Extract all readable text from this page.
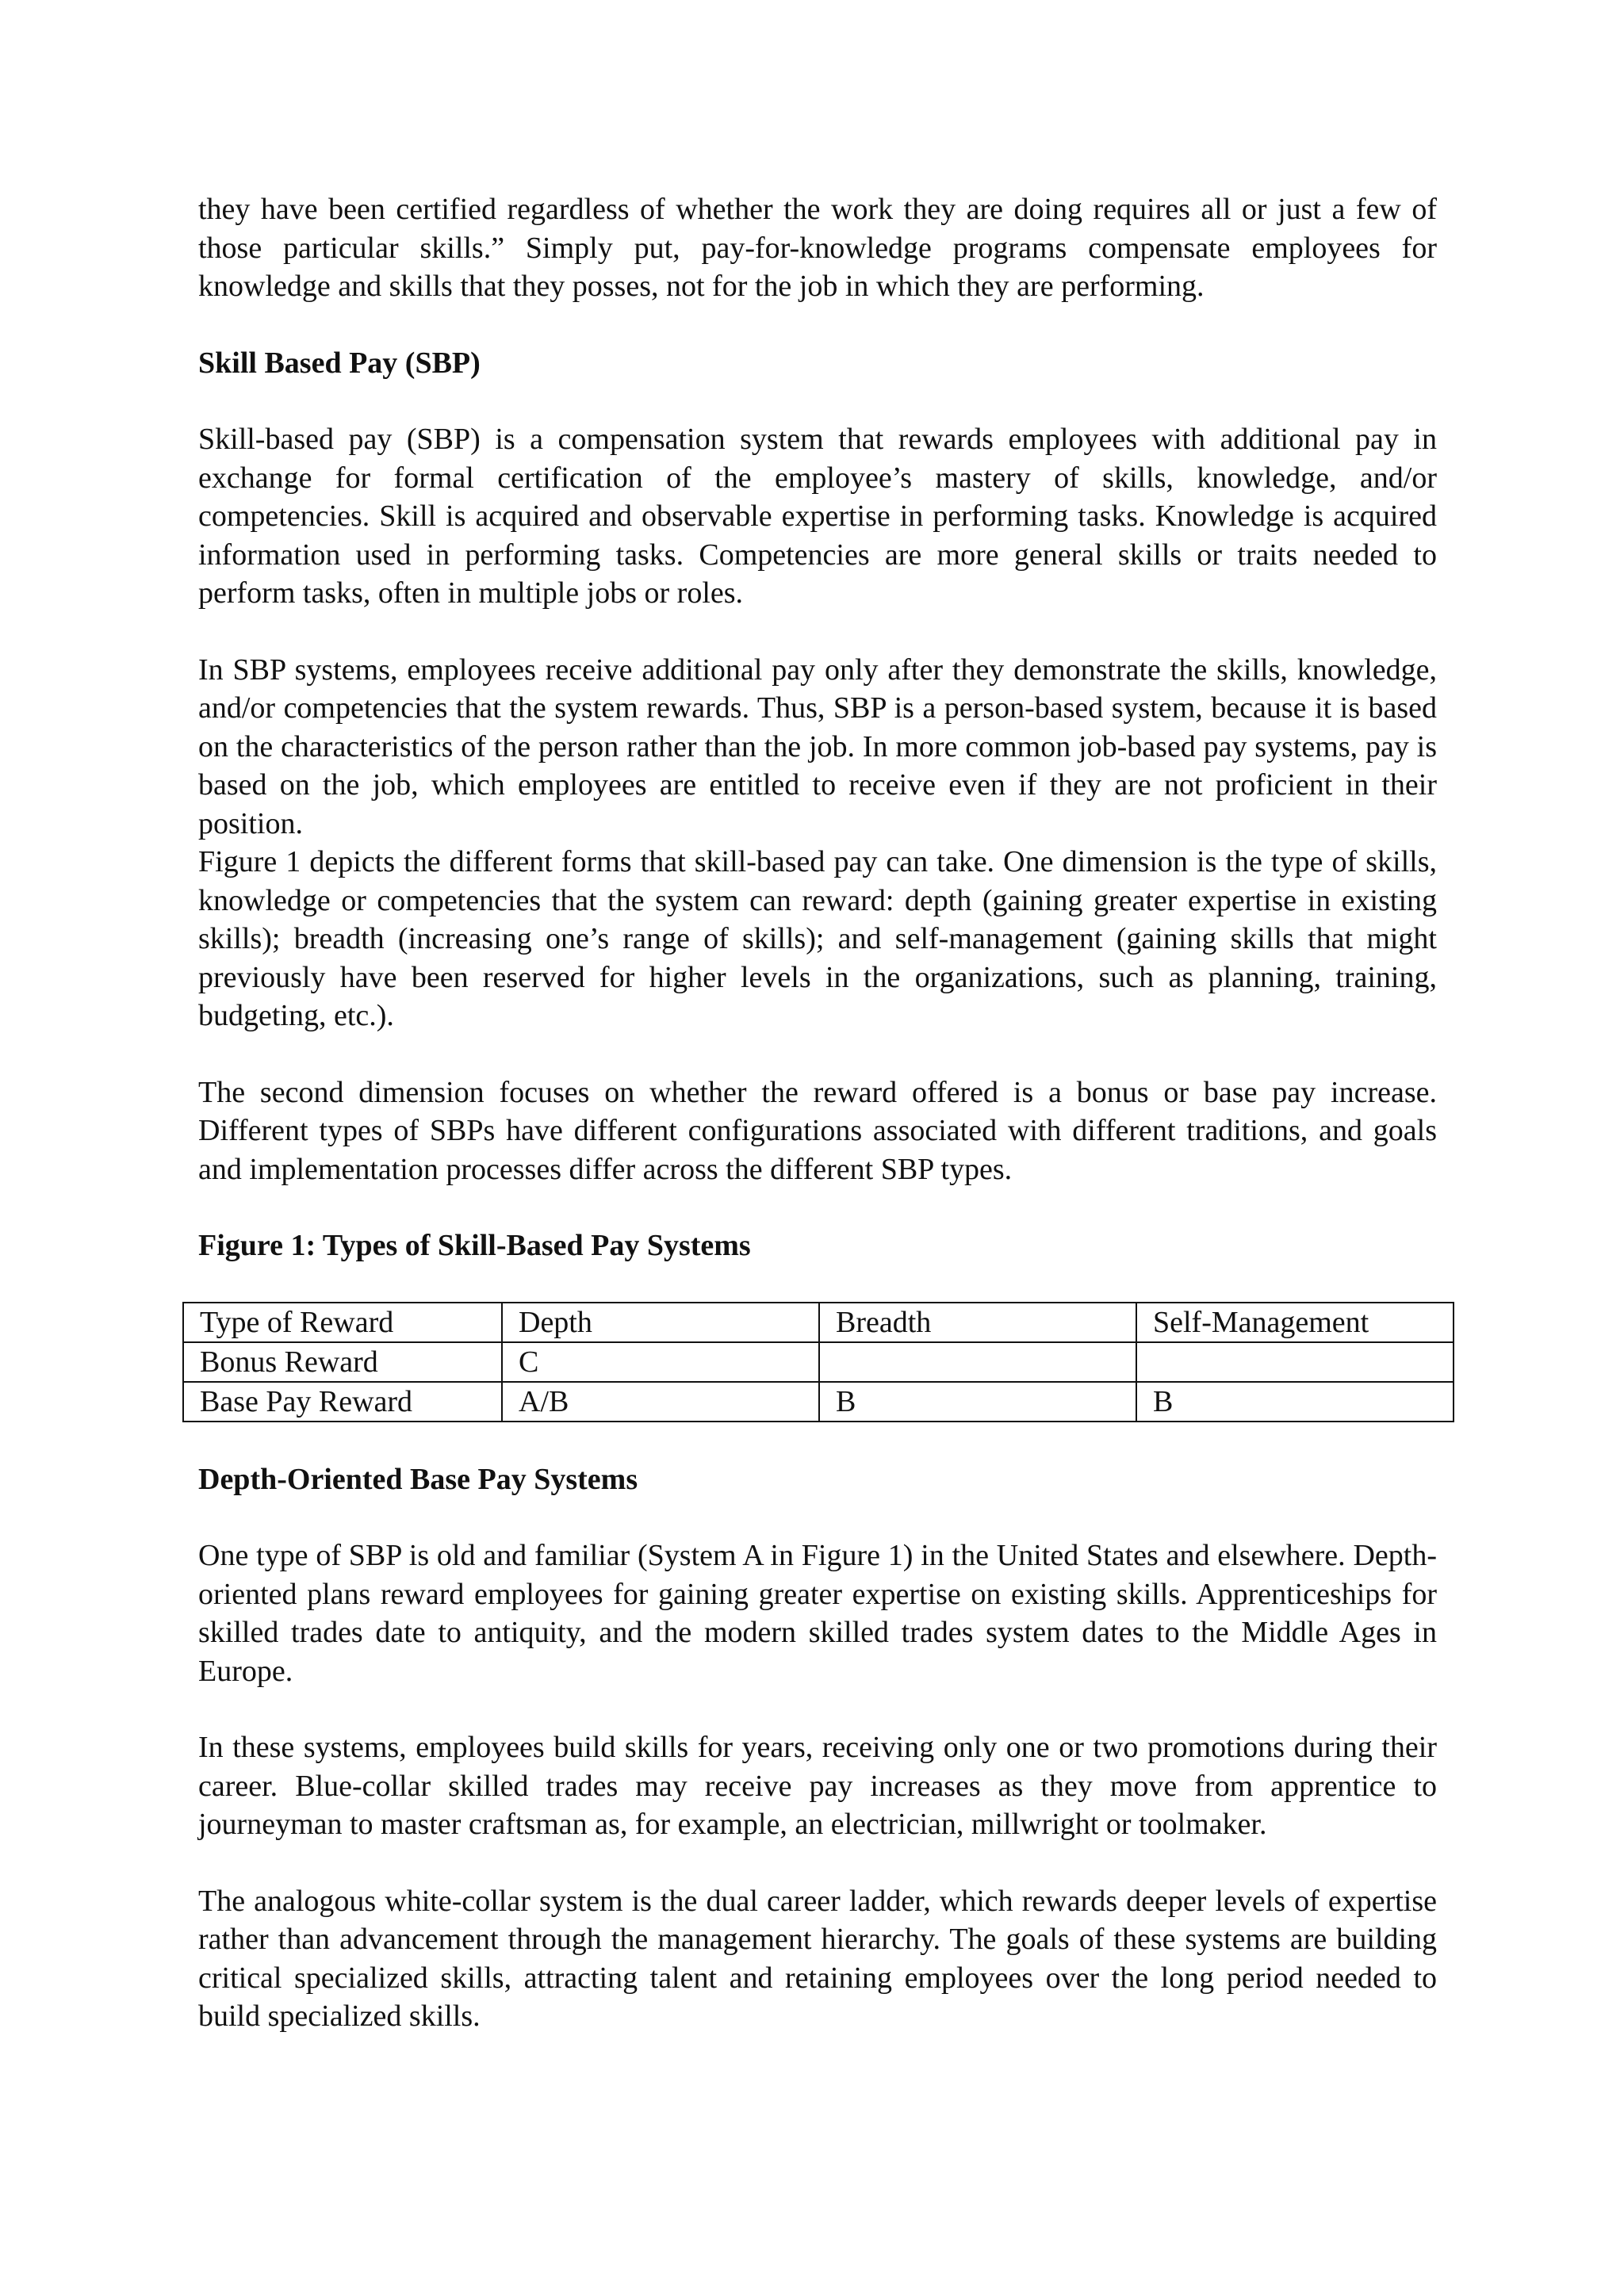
they have been certified regardless of whether the work they are doing requires all or just a few of those particular skills.” Simply put, pay-for-knowledge programs compensate employees for knowledge and skills that they posses, not for the job in which they are performing.

Skill Based Pay (SBP)

Skill-based pay (SBP) is a compensation system that rewards employees with additional pay in exchange for formal certification of the employee’s mastery of skills, knowledge, and/or competencies. Skill is acquired and observable expertise in performing tasks. Knowledge is acquired information used in performing tasks. Competencies are more general skills or traits needed to perform tasks, often in multiple jobs or roles.

In SBP systems, employees receive additional pay only after they demonstrate the skills, knowledge, and/or competencies that the system rewards. Thus, SBP is a person-based system, because it is based on the characteristics of the person rather than the job. In more common job-based pay systems, pay is based on the job, which employees are entitled to receive even if they are not proficient in their position.

Figure 1 depicts the different forms that skill-based pay can take. One dimension is the type of skills, knowledge or competencies that the system can reward: depth (gaining greater expertise in existing skills); breadth (increasing one’s range of skills); and self-management (gaining skills that might previously have been reserved for higher levels in the organizations, such as planning, training, budgeting, etc.).

The second dimension focuses on whether the reward offered is a bonus or base pay increase. Different types of SBPs have different configurations associated with different traditions, and goals and implementation processes differ across the different SBP types.

Figure 1: Types of Skill-Based Pay Systems
Type of Reward	Depth	Breadth	Self-Management
Bonus Reward	C		
Base Pay Reward	A/B	B	B
Depth-Oriented Base Pay Systems

One type of SBP is old and familiar (System A in Figure 1) in the United States and elsewhere. Depth-oriented plans reward employees for gaining greater expertise on existing skills. Apprenticeships for skilled trades date to antiquity, and the modern skilled trades system dates to the Middle Ages in Europe.

In these systems, employees build skills for years, receiving only one or two promotions during their career. Blue-collar skilled trades may receive pay increases as they move from apprentice to journeyman to master craftsman as, for example, an electrician, millwright or toolmaker.

The analogous white-collar system is the dual career ladder, which rewards deeper levels of expertise rather than advancement through the management hierarchy. The goals of these systems are building critical specialized skills, attracting talent and retaining employees over the long period needed to build specialized skills.
